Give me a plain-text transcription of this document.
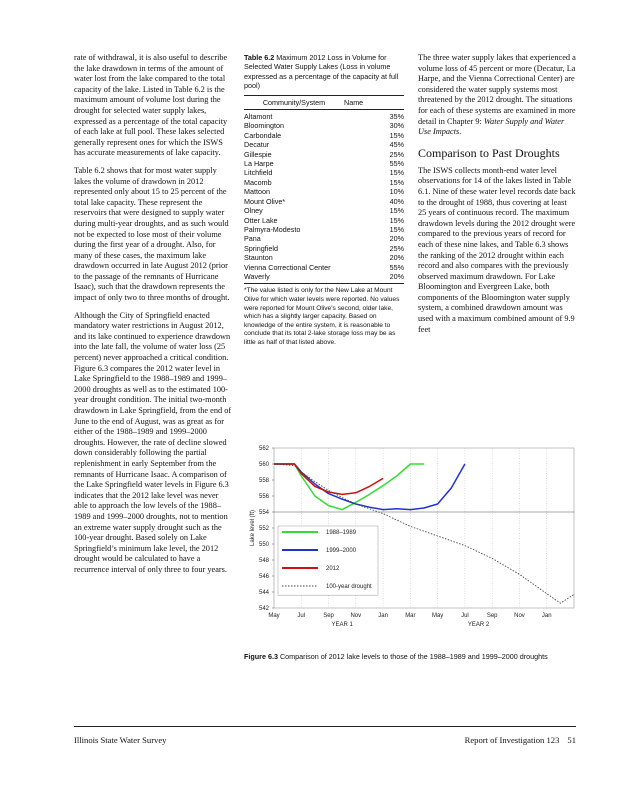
rate of withdrawal, it is also useful to describe the lake drawdown in terms of the amount of water lost from the lake compared to the total capacity of the lake. Listed in Table 6.2 is the maximum amount of volume lost during the drought for selected water supply lakes, expressed as a percentage of the total capacity of each lake at full pool. These lakes selected generally represent ones for which the ISWS has accurate measurements of lake capacity.

Table 6.2 shows that for most water supply lakes the volume of drawdown in 2012 represented only about 15 to 25 percent of the total lake capacity. These represent the reservoirs that were designed to supply water during multi-year droughts, and as such would not be expected to lose most of their volume during the first year of a drought. Also, for many of these cases, the maximum lake drawdown occurred in late August 2012 (prior to the passage of the remnants of Hurricane Isaac), such that the drawdown represents the impact of only two to three months of drought.

Although the City of Springfield enacted mandatory water restrictions in August 2012, and its lake continued to experience drawdown into the late fall, the volume of water loss (25 percent) never approached a critical condition. Figure 6.3 compares the 2012 water level in Lake Springfield to the 1988–1989 and 1999–2000 droughts as well as to the estimated 100-year drought condition. The initial two-month drawdown in Lake Springfield, from the end of June to the end of August, was as great as for either of the 1988–1989 and 1999–2000 droughts. However, the rate of decline slowed down considerably following the partial replenishment in early September from the remnants of Hurricane Isaac. A comparison of the Lake Springfield water levels in Figure 6.3 indicates that the 2012 lake level was never able to approach the low levels of the 1988–1989 and 1999–2000 droughts, not to mention an extreme water supply drought such as the 100-year drought. Based solely on Lake Springfield’s minimum lake level, the 2012 drought would be calculated to have a recurrence interval of only three to four years.

Table 6.2 Maximum 2012 Loss in Volume for Selected Water Supply Lakes (Loss in volume expressed as a percentage of the capacity at full pool)
Community/System	Name
Altamont	35%
Bloomington	30%
Carbondale	15%
Decatur	45%
Gillespie	25%
La Harpe	55%
Litchfield	15%
Macomb	15%
Mattoon	10%
Mount Olive*	40%
Olney	15%
Otter Lake	15%
Palmyra-Modesto	15%
Pana	20%
Springfield	25%
Staunton	20%
Vienna Correctional Center	55%
Waverly	20%
*The value listed is only for the New Lake at Mount Olive for which water levels were reported. No values were reported for Mount Olive's second, older lake, which has a slightly larger capacity. Based on knowledge of the entire system, it is reasonable to conclude that its total 2-lake storage loss may be as little as half of that listed above.

The three water supply lakes that experienced a volume loss of 45 percent or more (Decatur, La Harpe, and the Vienna Correctional Center) are considered the water supply systems most threatened by the 2012 drought. The situations for each of these systems are examined in more detail in Chapter 9: Water Supply and Water Use Impacts.

Comparison to Past Droughts

The ISWS collects month-end water level observations for 14 of the lakes listed in Table 6.1. Nine of these water level records date back to the drought of 1988, thus covering at least 25 years of continuous record. The maximum drawdown levels during the 2012 drought were compared to the previous years of record for each of these nine lakes, and Table 6.3 shows the ranking of the 2012 drought within each record and also compares with the previously observed maximum drawdown. For Lake Bloomington and Evergreen Lake, both components of the Bloomington water supply system, a combined drawdown amount was used with a maximum combined amount of 9.9 feet

542
544
546
548
550
552
554
556
558
560
562
May	Jul	Sep	Nov	Jan	Mar	May	Jul	Sep	Nov	Jan
YEAR 1	YEAR 2
Lake level (ft)	1988–1989
1999–2000
2012
100-year drought
Figure 6.3 Comparison of 2012 lake levels to those of the 1988–1989 and 1999–2000 droughts
Illinois State Water Survey	Report of Investigation 123 51
